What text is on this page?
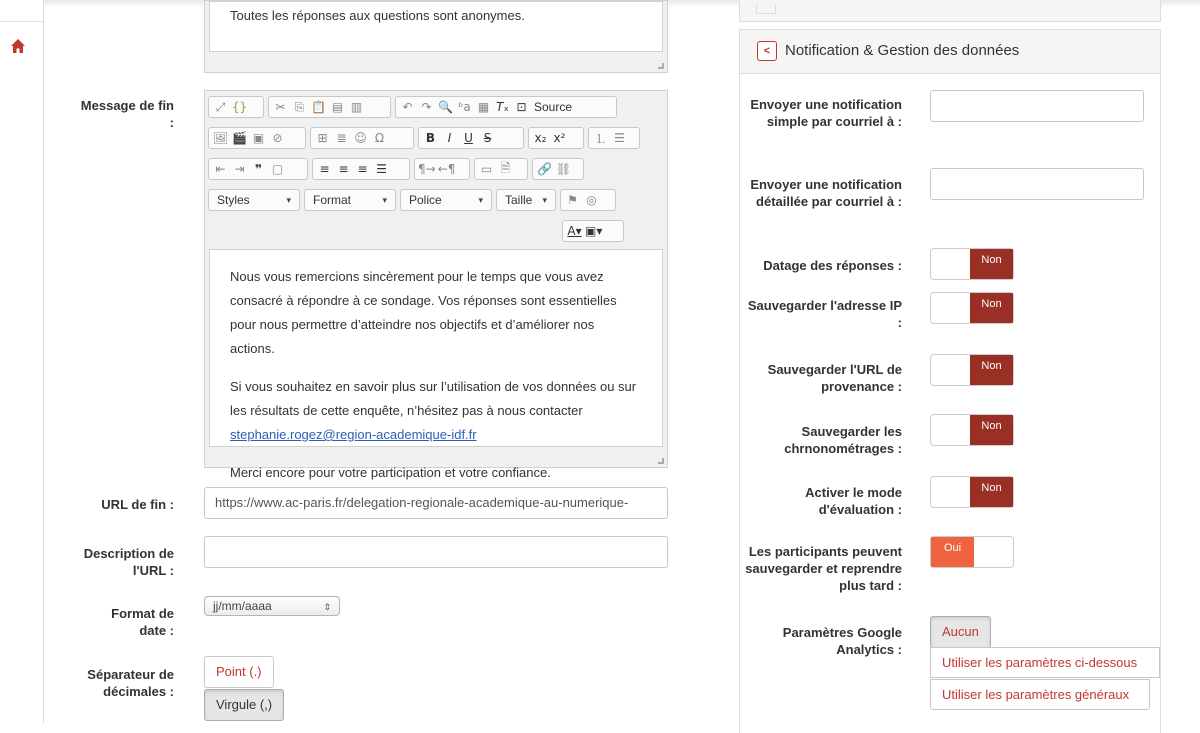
Toutes les réponses aux questions sont anonymes.
Message de fin :
⤢ {} ✂ ⎘ 📋 ▤ ▥	↶ ↷ 🔍 ᵇa ▦ T ₓ ⊡ Source
🖼 🎬 ▣ ⊘	⊞ ≣ ☺ Ω	B	I	U S	x₂ x² ⒈ ☰
⇤ ⇥ ❞ ▢	≡ ≡ ≡ ☰	¶→ ←¶ ▭ 🗎	🔗 ⛓
Styles	▾	Format	▾	Police	▾	Taille ▾ ⚑ ◎
A▾ ▣▾

Nous vous remercions sincèrement pour le temps que vous avez consacré à répondre à ce sondage. Vos réponses sont essentielles pour nous permettre d’atteindre nos objectifs et d’améliorer nos actions.

Si vous souhaitez en savoir plus sur l’utilisation de vos données ou sur les résultats de cette enquête, n’hésitez pas à nous contacter
stephanie.rogez@region-academique-idf.fr

Merci encore pour votre participation et votre confiance.

URL de fin :	https://www.ac-paris.fr/delegation-regionale-academique-au-numerique-
Description de l'URL :
Format de date :
jj/mm/aaaa	⇕
Séparateur de décimales :
Point (.)
Virgule (,)
< Notification & Gestion des données
Envoyer une notification simple par courriel à :
Envoyer une notification détaillée par courriel à :
Datage des réponses :	Non
Sauvegarder l'adresse IP :
Non
Sauvegarder l'URL de provenance :
Non
Sauvegarder les chrnonométrages :
Non
Activer le mode d'évaluation :
Non
Les participants peuvent sauvegarder et reprendre plus tard :
Oui
Paramètres Google Analytics :
Aucun
Utiliser les paramètres ci-dessous
Utiliser les paramètres généraux
